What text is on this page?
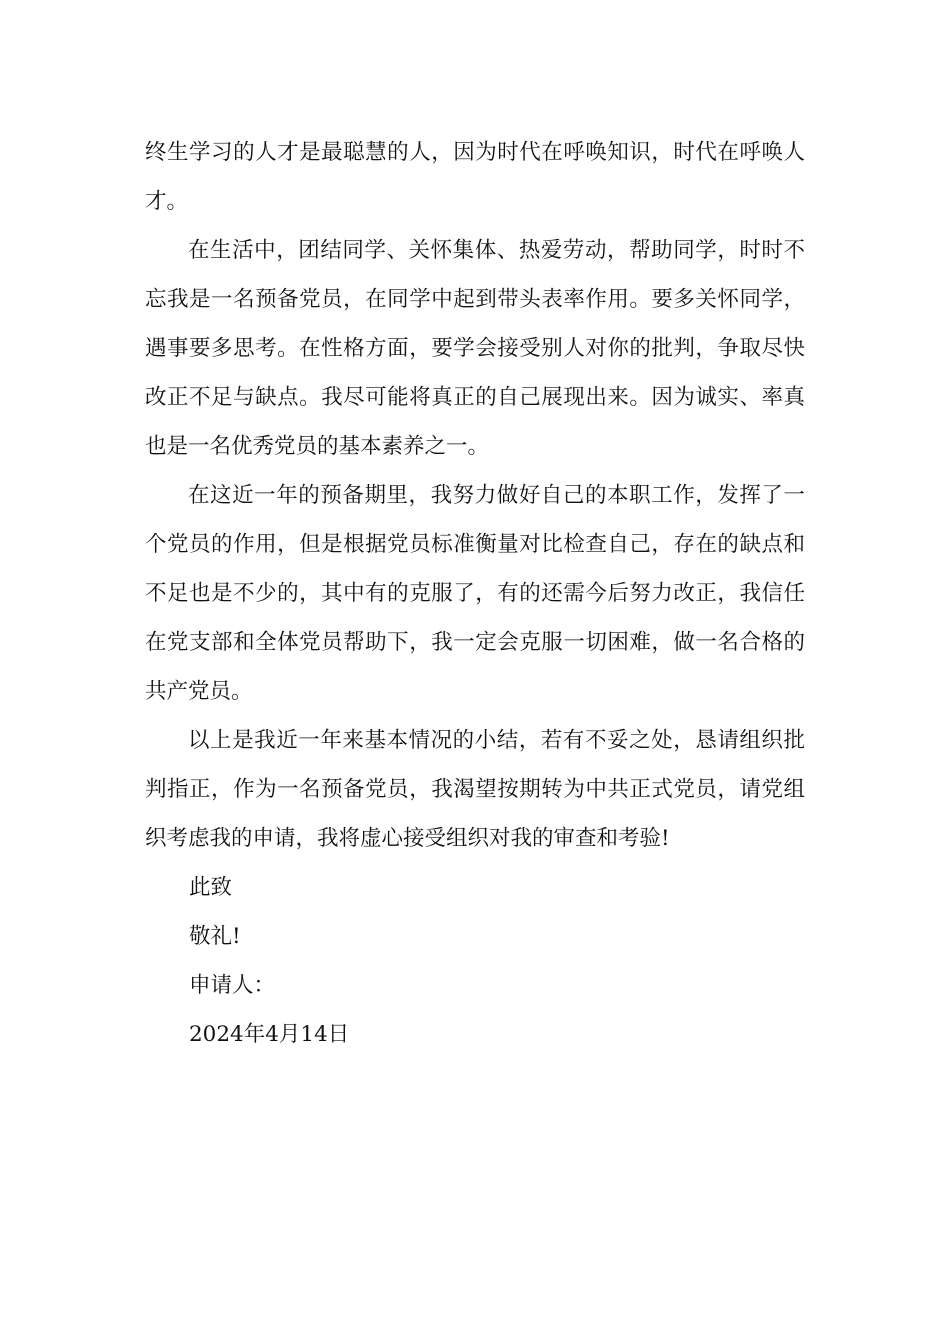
终生学习的人才是最聪慧的人，因为时代在呼唤知识，时代在呼唤人才。

在生活中，团结同学、关怀集体、热爱劳动，帮助同学，时时不忘我是一名预备党员，在同学中起到带头表率作用。要多关怀同学，遇事要多思考。在性格方面，要学会接受别人对你的批判，争取尽快改正不足与缺点。我尽可能将真正的自己展现出来。因为诚实、率真也是一名优秀党员的基本素养之一。

在这近一年的预备期里，我努力做好自己的本职工作，发挥了一个党员的作用，但是根据党员标准衡量对比检查自己，存在的缺点和不足也是不少的，其中有的克服了，有的还需今后努力改正，我信任在党支部和全体党员帮助下，我一定会克服一切困难，做一名合格的共产党员。

以上是我近一年来基本情况的小结，若有不妥之处，恳请组织批判指正，作为一名预备党员，我渴望按期转为中共正式党员，请党组织考虑我的申请，我将虚心接受组织对我的审查和考验!

此致

敬礼!

申请人：

2024年4月14日
